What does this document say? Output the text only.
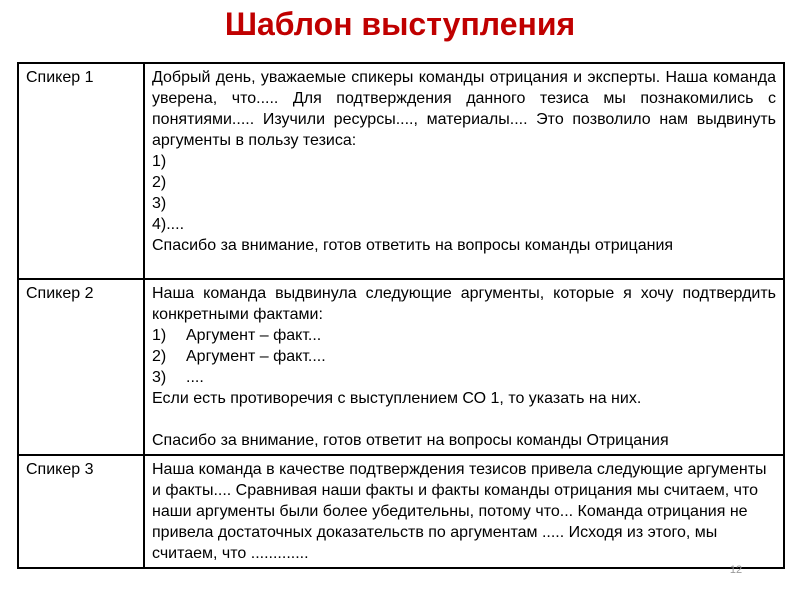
Шаблон выступления
Спикер 1	Добрый день, уважаемые спикеры команды отрицания и эксперты. Наша команда уверена, что..... Для подтверждения данного тезиса мы познакомились с понятиями..... Изучили ресурсы...., материалы.... Это позволило нам выдвинуть аргументы в пользу тезиса:
1)
2)
3)
4)....
Спасибо за внимание, готов ответить на вопросы команды отрицания

Спикер 2	Наша команда выдвинула следующие аргументы, которые я хочу подтвердить конкретными фактами:
1) Аргумент – факт...
2) Аргумент – факт....
3) ....
Если есть противоречия с выступлением СО 1, то указать на них.
Спасибо за внимание, готов ответит на вопросы команды Отрицания

Спикер 3	Наша команда в качестве подтверждения тезисов привела следующие аргументы и факты.... Сравнивая наши факты и факты команды отрицания мы считаем, что наши аргументы были более убедительны, потому что... Команда отрицания не привела достаточных доказательств по аргументам ..... Исходя из этого, мы считаем, что .............
12
